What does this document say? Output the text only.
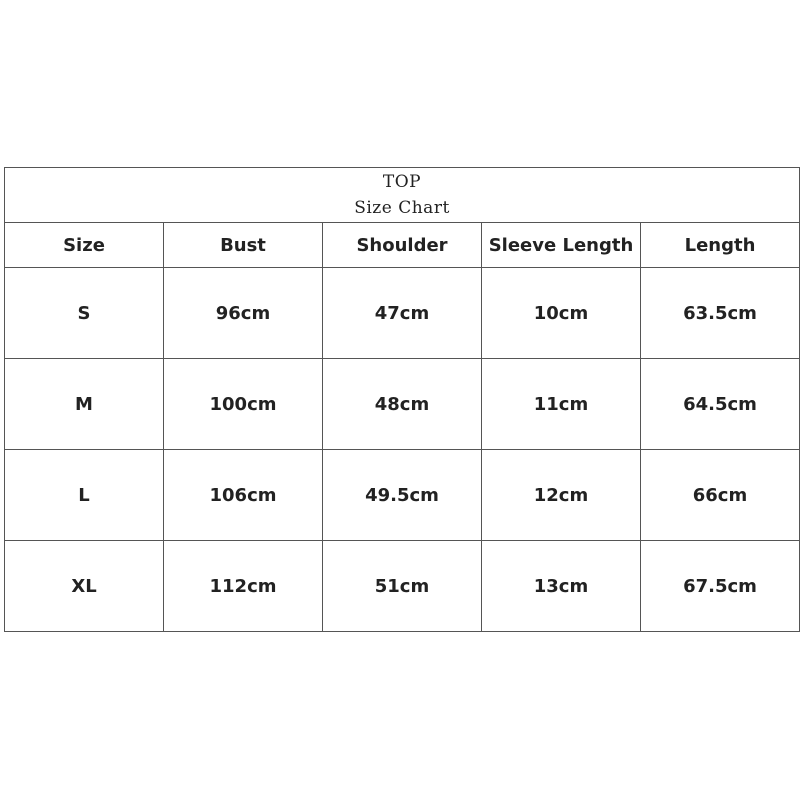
TOP
Size Chart				

Size	Bust	Shoulder	Sleeve Length	Length
S	96cm	47cm	10cm	63.5cm
M	100cm	48cm	11cm	64.5cm
L	106cm	49.5cm	12cm	66cm
XL	112cm	51cm	13cm	67.5cm
